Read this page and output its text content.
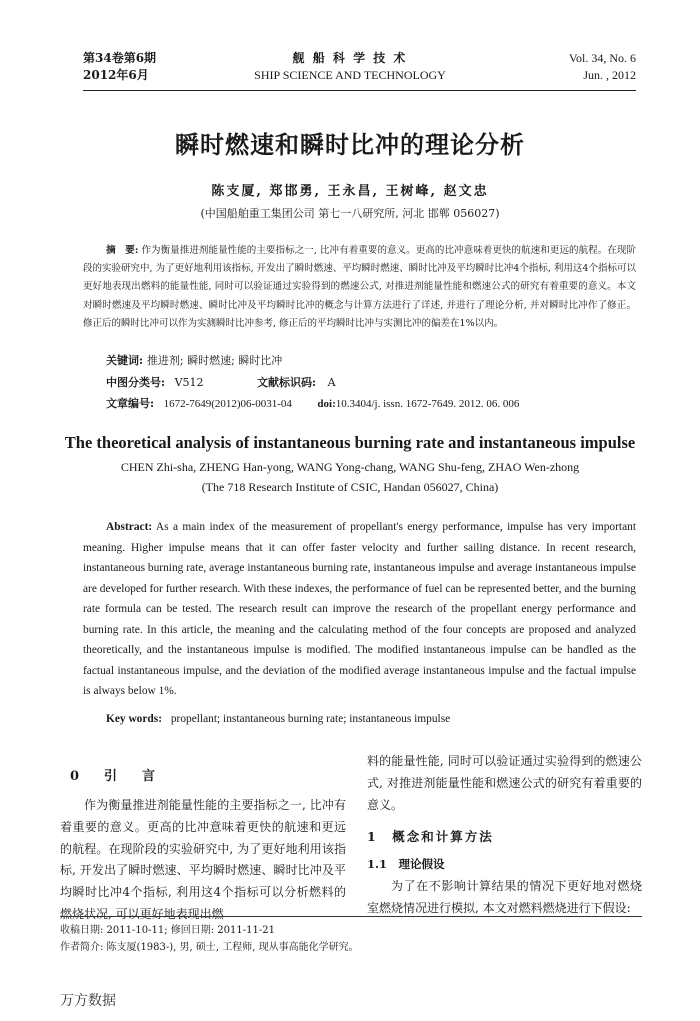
第34卷第6期
2012年6月
舰 船 科 学 技 术
SHIP SCIENCE AND TECHNOLOGY
Vol. 34, No. 6
Jun. , 2012
瞬时燃速和瞬时比冲的理论分析
陈支厦, 郑邯勇, 王永昌, 王树峰, 赵文忠
(中国船舶重工集团公司 第七一八研究所, 河北 邯郸 056027)
摘　要: 作为衡量推进剂能量性能的主要指标之一, 比冲有着重要的意义。更高的比冲意味着更快的航速和更远的航程。在现阶段的实验研究中, 为了更好地利用该指标, 开发出了瞬时燃速、平均瞬时燃速、瞬时比冲及平均瞬时比冲4个指标, 利用这4个指标可以更好地表现出燃料的能量性能, 同时可以验证通过实验得到的燃速公式, 对推进剂能量性能和燃速公式的研究有着重要的意义。本文对瞬时燃速及平均瞬时燃速、瞬时比冲及平均瞬时比冲的概念与计算方法进行了详述, 并进行了理论分析, 并对瞬时比冲作了修正。修正后的瞬时比冲可以作为实测瞬时比冲参考, 修正后的平均瞬时比冲与实测比冲的偏差在1%以内。
关键词: 推进剂; 瞬时燃速; 瞬时比冲
中图分类号: V512	文献标识码: A
文章编号: 1672-7649(2012)06-0031-04 doi:10.3404/j. issn. 1672-7649. 2012. 06. 006
The theoretical analysis of instantaneous burning rate and instantaneous impulse
CHEN Zhi-sha, ZHENG Han-yong, WANG Yong-chang, WANG Shu-feng, ZHAO Wen-zhong
(The 718 Research Institute of CSIC, Handan 056027, China)
Abstract: As a main index of the measurement of propellant's energy performance, impulse has very important meaning. Higher impulse means that it can offer faster velocity and further sailing distance. In recent research, instantaneous burning rate, average instantaneous burning rate, instantaneous impulse and average instantaneous impulse are developed for further research. With these indexes, the performance of fuel can be represented better, and the burning rate formula can be tested. The research result can improve the research of the propellant energy performance and burning rate. In this article, the meaning and the calculating method of the four concepts are proposed and analyzed theoretically, and the instantaneous impulse is modified. The modified instantaneous impulse can be handled as the factual instantaneous impulse, and the deviation of the modified average instantaneous impulse and the factual impulse is always below 1%.
Key words: propellant; instantaneous burning rate; instantaneous impulse
0　引　言

作为衡量推进剂能量性能的主要指标之一, 比冲有着重要的意义。更高的比冲意味着更快的航速和更远的航程。在现阶段的实验研究中, 为了更好地利用该指标, 开发出了瞬时燃速、平均瞬时燃速、瞬时比冲及平均瞬时比冲4个指标, 利用这4个指标可以分析燃料的燃烧状况, 可以更好地表现出燃

料的能量性能, 同时可以验证通过实验得到的燃速公式, 对推进剂能量性能和燃速公式的研究有着重要的意义。

1　概念和计算方法
1.1　理论假设

为了在不影响计算结果的情况下更好地对燃烧室燃烧情况进行模拟, 本文对燃料燃烧进行下假设:

收稿日期: 2011-10-11; 修回日期: 2011-11-21
作者简介: 陈支厦(1983-), 男, 硕士, 工程师, 现从事高能化学研究。
万方数据
